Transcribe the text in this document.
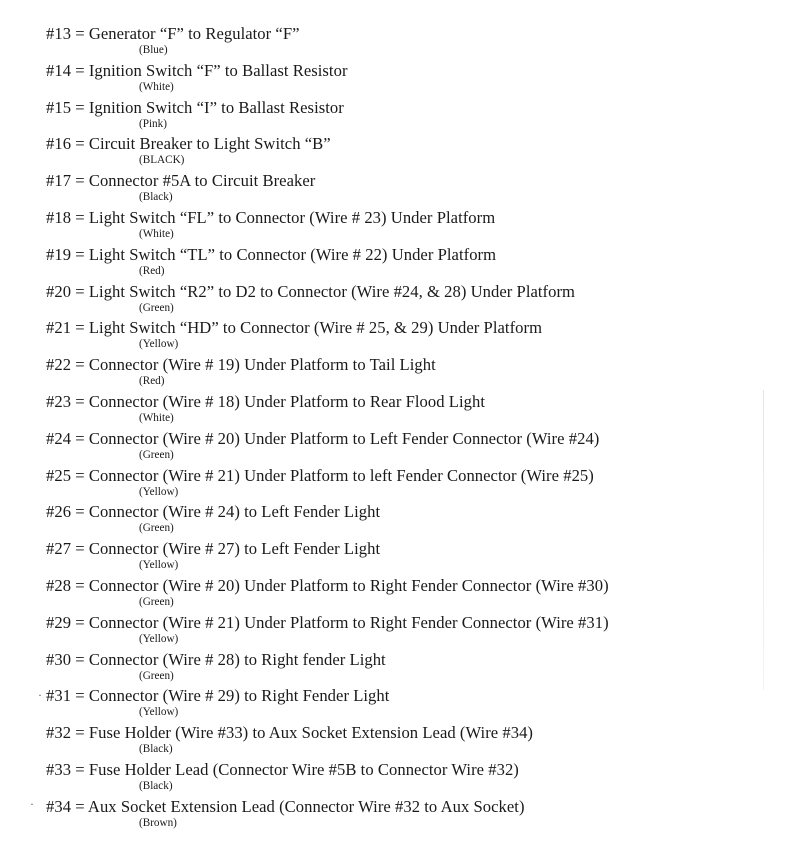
·
·
#13 = Generator “F” to Regulator “F”
(Blue)
#14 = Ignition Switch “F” to Ballast Resistor
(White)
#15 = Ignition Switch “I” to Ballast Resistor
(Pink)
#16 = Circuit Breaker to Light Switch “B”
(BLACK)
#17 = Connector #5A to Circuit Breaker
(Black)
#18 = Light Switch “FL” to Connector (Wire # 23) Under Platform
(White)
#19 = Light Switch “TL” to Connector (Wire # 22) Under Platform
(Red)
#20 = Light Switch “R2” to D2 to Connector (Wire #24, & 28) Under Platform
(Green)
#21 = Light Switch “HD” to Connector (Wire # 25, & 29) Under Platform
(Yellow)
#22 = Connector (Wire # 19) Under Platform to Tail Light
(Red)
#23 = Connector (Wire # 18) Under Platform to Rear Flood Light
(White)
#24 = Connector (Wire # 20) Under Platform to Left Fender Connector (Wire #24)
(Green)
#25 = Connector (Wire # 21) Under Platform to left Fender Connector (Wire #25)
(Yellow)
#26 = Connector (Wire # 24) to Left Fender Light
(Green)
#27 = Connector (Wire # 27) to Left Fender Light
(Yellow)
#28 = Connector (Wire # 20) Under Platform to Right Fender Connector (Wire #30)
(Green)
#29 = Connector (Wire # 21) Under Platform to Right Fender Connector (Wire #31)
(Yellow)
#30 = Connector (Wire # 28) to Right fender Light
(Green)
#31 = Connector (Wire # 29) to Right Fender Light
(Yellow)
#32 = Fuse Holder (Wire #33) to Aux Socket Extension Lead (Wire #34)
(Black)
#33 = Fuse Holder Lead (Connector Wire #5B to Connector Wire #32)
(Black)
#34 = Aux Socket Extension Lead (Connector Wire #32 to Aux Socket)
(Brown)
